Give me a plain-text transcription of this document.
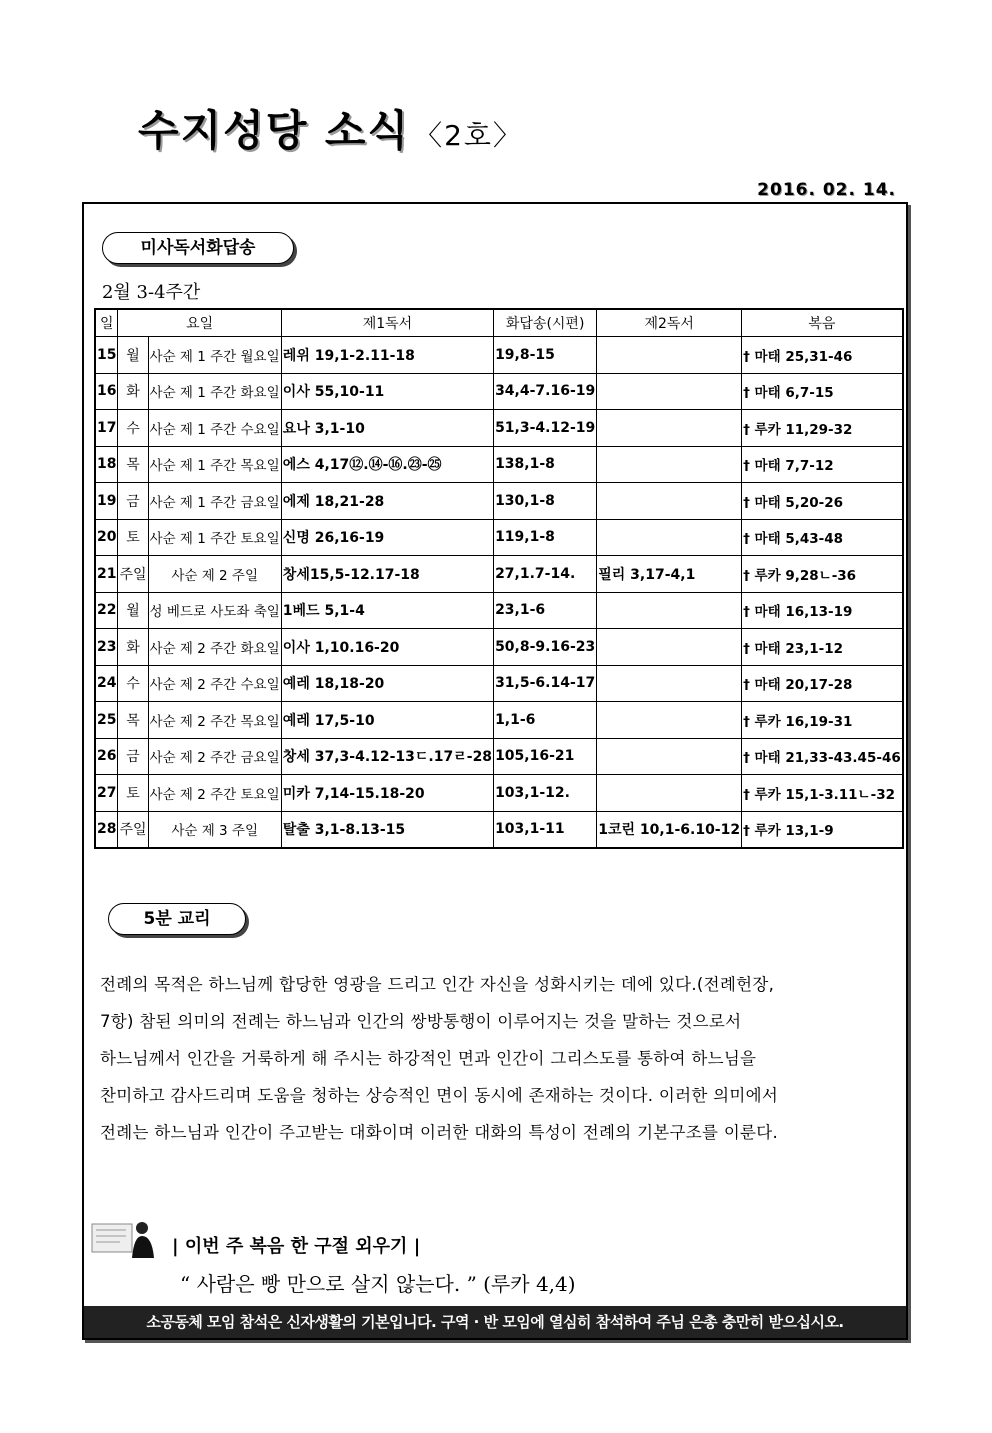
수지성당 소식 〈2호〉
2016. 02. 14.
미사독서화답송
2월 3-4주간
일	요일		제1독서	화답송(시편)	제2독서	복음
15	월	사순 제 1 주간 월요일	레위 19,1-2.11-18	19,8-15		† 마태 25,31-46
16	화	사순 제 1 주간 화요일	이사 55,10-11	34,4-7.16-19		† 마태 6,7-15
17	수	사순 제 1 주간 수요일	요나 3,1-10	51,3-4.12-19		† 루카 11,29-32
18	목	사순 제 1 주간 목요일	에스 4,17⑫.⑭-⑯.㉓-㉕	138,1-8		† 마태 7,7-12
19	금	사순 제 1 주간 금요일	에제 18,21-28	130,1-8		† 마태 5,20-26
20	토	사순 제 1 주간 토요일	신명 26,16-19	119,1-8		† 마태 5,43-48
21	주일	사순 제 2 주일	창세15,5-12.17-18	27,1.7-14.	필리 3,17-4,1	† 루카 9,28ㄴ-36
22	월	성 베드로 사도좌 축일	1베드 5,1-4	23,1-6		† 마태 16,13-19
23	화	사순 제 2 주간 화요일	이사 1,10.16-20	50,8-9.16-23		† 마태 23,1-12
24	수	사순 제 2 주간 수요일	예레 18,18-20	31,5-6.14-17		† 마태 20,17-28
25	목	사순 제 2 주간 목요일	예레 17,5-10	1,1-6		† 루카 16,19-31
26	금	사순 제 2 주간 금요일	창세 37,3-4.12-13ㄷ.17ㄹ-28	105,16-21		† 마태 21,33-43.45-46
27	토	사순 제 2 주간 토요일	미카 7,14-15.18-20	103,1-12.		† 루카 15,1-3.11ㄴ-32
28	주일	사순 제 3 주일	탈출 3,1-8.13-15	103,1-11	1코린 10,1-6.10-12	† 루카 13,1-9
5분 교리
전례의 목적은 하느님께 합당한 영광을 드리고 인간 자신을 성화시키는 데에 있다.(전례헌장,
7항) 참된 의미의 전례는 하느님과 인간의 쌍방통행이 이루어지는 것을 말하는 것으로서
하느님께서 인간을 거룩하게 해 주시는 하강적인 면과 인간이 그리스도를 통하여 하느님을
찬미하고 감사드리며 도움을 청하는 상승적인 면이 동시에 존재하는 것이다. 이러한 의미에서
전례는 하느님과 인간이 주고받는 대화이며 이러한 대화의 특성이 전례의 기본구조를 이룬다.
| 이번 주 복음 한 구절 외우기 |
“ 사람은 빵 만으로 살지 않는다. ” (루카 4,4)
소공동체 모임 참석은 신자생활의 기본입니다. 구역 · 반 모임에 열심히 참석하여 주님 은총 충만히 받으십시오.
